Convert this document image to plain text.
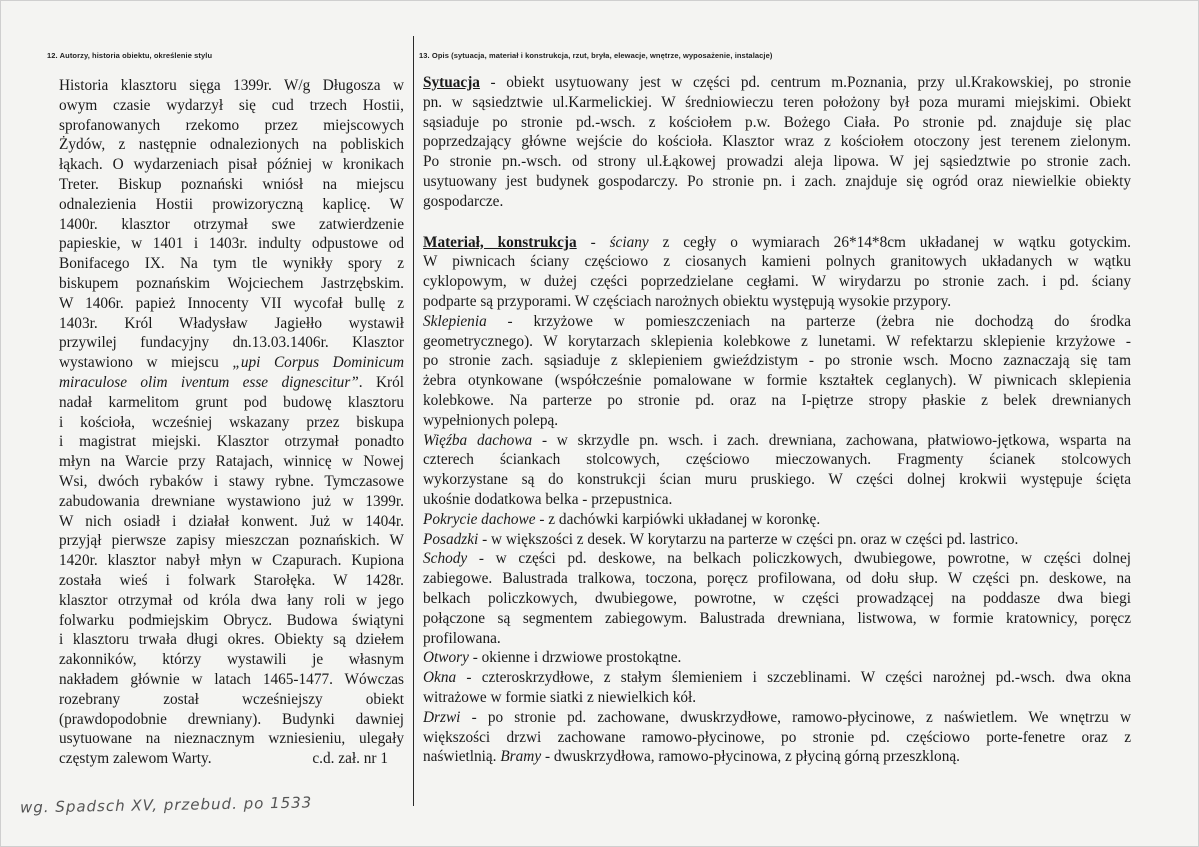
12. Autorzy, historia obiektu, określenie stylu	13. Opis (sytuacja, materiał i konstrukcja, rzut, bryła, elewacje, wnętrze, wyposażenie, instalacje)
Historia klasztoru sięga 1399r. W/g Długosza w
owym czasie wydarzył się cud trzech Hostii,
sprofanowanych rzekomo przez miejscowych
Żydów, z następnie odnalezionych na pobliskich
łąkach. O wydarzeniach pisał później w kronikach
Treter. Biskup poznański wniósł na miejscu
odnalezienia Hostii prowizoryczną kaplicę. W
1400r. klasztor otrzymał swe zatwierdzenie
papieskie, w 1401 i 1403r. indulty odpustowe od
Bonifacego IX. Na tym tle wynikły spory z
biskupem poznańskim Wojciechem Jastrzębskim.
W 1406r. papież Innocenty VII wycofał bullę z
1403r. Król Władysław Jagiełło wystawił
przywilej fundacyjny dn.13.03.1406r. Klasztor
wystawiono w miejscu „upi Corpus Dominicum
miraculose olim iventum esse dignescitur”. Król
nadał karmelitom grunt pod budowę klasztoru
i kościoła, wcześniej wskazany przez biskupa
i magistrat miejski. Klasztor otrzymał ponadto
młyn na Warcie przy Ratajach, winnicę w Nowej
Wsi, dwóch rybaków i stawy rybne. Tymczasowe
zabudowania drewniane wystawiono już w 1399r.
W nich osiadł i działał konwent. Już w 1404r.
przyjął pierwsze zapisy mieszczan poznańskich. W
1420r. klasztor nabył młyn w Czapurach. Kupiona
została wieś i folwark Starołęka. W 1428r.
klasztor otrzymał od króla dwa łany roli w jego
folwarku podmiejskim Obrycz. Budowa świątyni
i klasztoru trwała długi okres. Obiekty są dziełem
zakonników, którzy wystawili je własnym
nakładem głównie w latach 1465-1477. Wówczas
rozebrany został wcześniejszy obiekt
(prawdopodobnie drewniany). Budynki dawniej
usytuowane na nieznacznym wzniesieniu, ulegały
częstym zalewom Warty.	c.d. zał. nr 1
Sytuacja - obiekt usytuowany jest w części pd. centrum m.Poznania, przy ul.Krakowskiej, po stronie
pn. w sąsiedztwie ul.Karmelickiej. W średniowieczu teren położony był poza murami miejskimi. Obiekt
sąsiaduje po stronie pd.-wsch. z kościołem p.w. Bożego Ciała. Po stronie pd. znajduje się plac
poprzedzający główne wejście do kościoła. Klasztor wraz z kościołem otoczony jest terenem zielonym.
Po stronie pn.-wsch. od strony ul.Łąkowej prowadzi aleja lipowa. W jej sąsiedztwie po stronie zach.
usytuowany jest budynek gospodarczy. Po stronie pn. i zach. znajduje się ogród oraz niewielkie obiekty
gospodarcze.
Materiał, konstrukcja - ściany z cegły o wymiarach 26*14*8cm układanej w wątku gotyckim.
W piwnicach ściany częściowo z ciosanych kamieni polnych granitowych układanych w wątku
cyklopowym, w dużej części poprzedzielane cegłami. W wirydarzu po stronie zach. i pd. ściany
podparte są przyporami. W częściach narożnych obiektu występują wysokie przypory.
Sklepienia - krzyżowe w pomieszczeniach na parterze (żebra nie dochodzą do środka
geometrycznego). W korytarzach sklepienia kolebkowe z lunetami. W refektarzu sklepienie krzyżowe -
po stronie zach. sąsiaduje z sklepieniem gwieździstym - po stronie wsch. Mocno zaznaczają się tam
żebra otynkowane (współcześnie pomalowane w formie kształtek ceglanych). W piwnicach sklepienia
kolebkowe. Na parterze po stronie pd. oraz na I-piętrze stropy płaskie z belek drewnianych
wypełnionych polepą.
Więźba dachowa - w skrzydle pn. wsch. i zach. drewniana, zachowana, płatwiowo-jętkowa, wsparta na
czterech ściankach stolcowych, częściowo mieczowanych. Fragmenty ścianek stolcowych
wykorzystane są do konstrukcji ścian muru pruskiego. W części dolnej krokwii występuje ścięta
ukośnie dodatkowa belka - przepustnica.
Pokrycie dachowe - z dachówki karpiówki układanej w koronkę.
Posadzki - w większości z desek. W korytarzu na parterze w części pn. oraz w części pd. lastrico.
Schody - w części pd. deskowe, na belkach policzkowych, dwubiegowe, powrotne, w części dolnej
zabiegowe. Balustrada tralkowa, toczona, poręcz profilowana, od dołu słup. W części pn. deskowe, na
belkach policzkowych, dwubiegowe, powrotne, w części prowadzącej na poddasze dwa biegi
połączone są segmentem zabiegowym. Balustrada drewniana, listwowa, w formie kratownicy, poręcz
profilowana.
Otwory - okienne i drzwiowe prostokątne.
Okna - czteroskrzydłowe, z stałym ślemieniem i szczeblinami. W części narożnej pd.-wsch. dwa okna
witrażowe w formie siatki z niewielkich kół.
Drzwi - po stronie pd. zachowane, dwuskrzydłowe, ramowo-płycinowe, z naświetlem. We wnętrzu w
większości drzwi zachowane ramowo-płycinowe, po stronie pd. częściowo porte-fenetre oraz z
naświetlnią. Bramy - dwuskrzydłowa, ramowo-płycinowa, z płyciną górną przeszkloną.
wg. Spadsch XV, przebud. po 1533
